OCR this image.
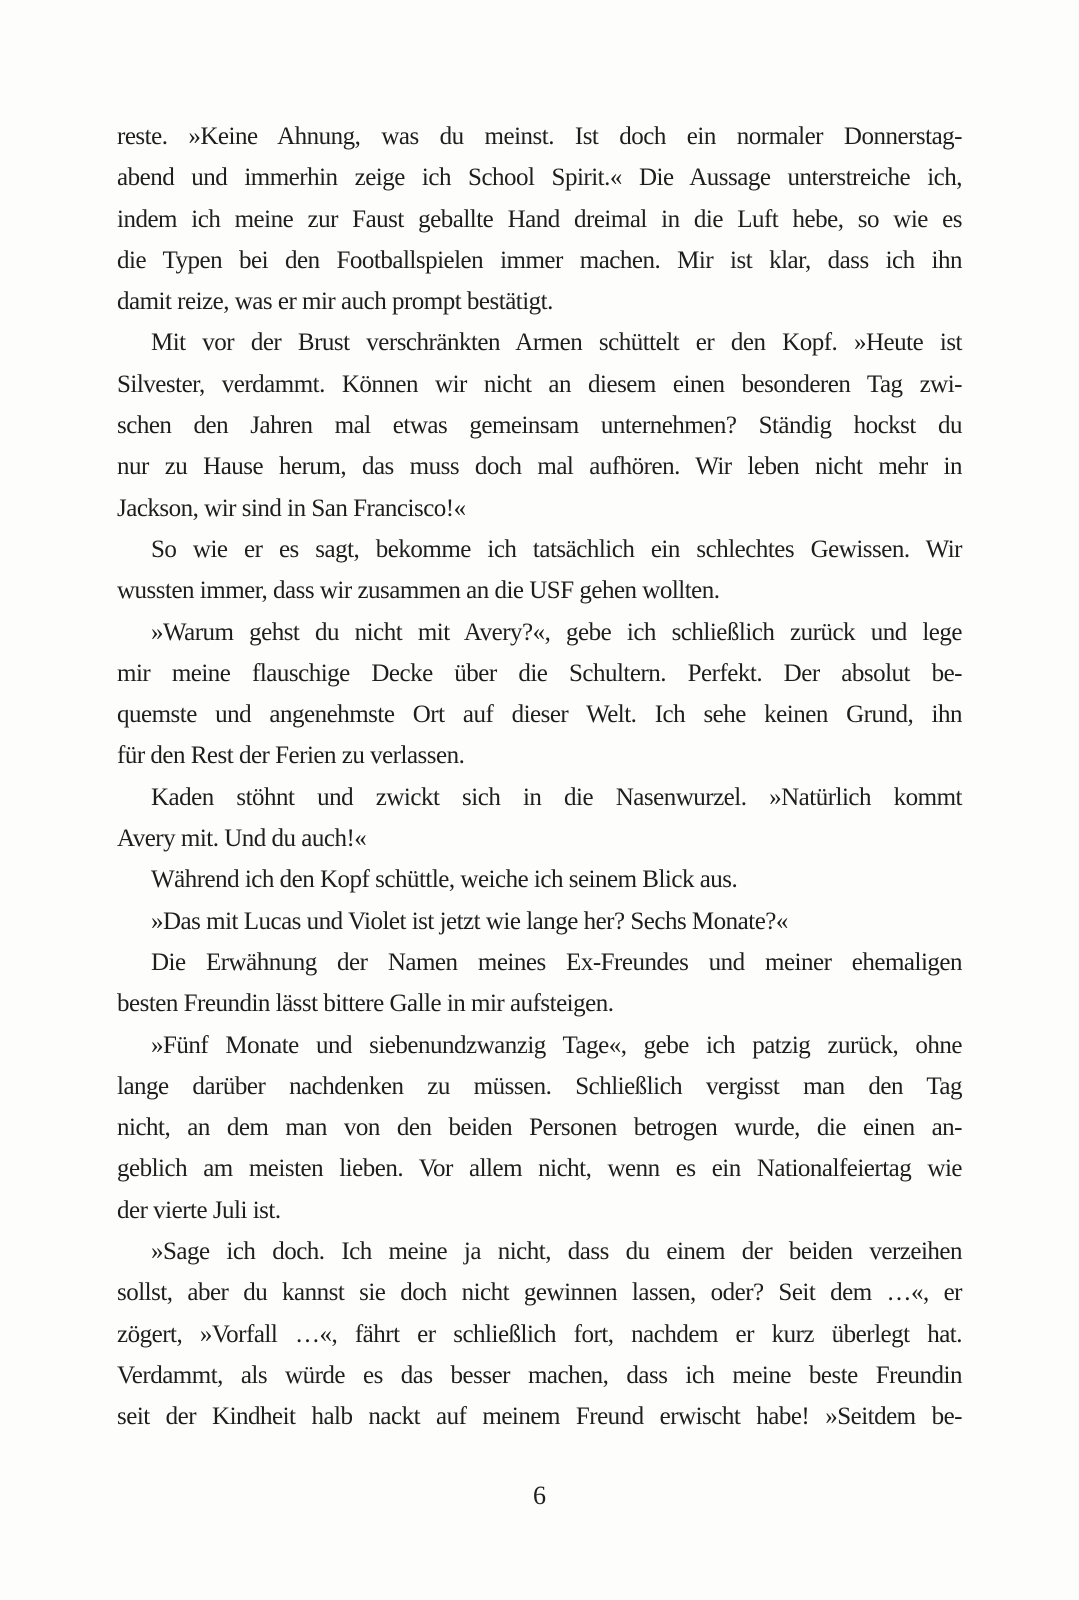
reste. »Keine Ahnung, was du meinst. Ist doch ein normaler Donnerstag-
abend und immerhin zeige ich School Spirit.« Die Aussage unterstreiche ich,
indem ich meine zur Faust geballte Hand dreimal in die Luft hebe, so wie es
die Typen bei den Footballspielen immer machen. Mir ist klar, dass ich ihn
damit reize, was er mir auch prompt bestätigt.
Mit vor der Brust verschränkten Armen schüttelt er den Kopf. »Heute ist
Silvester, verdammt. Können wir nicht an diesem einen besonderen Tag zwi-
schen den Jahren mal etwas gemeinsam unternehmen? Ständig hockst du
nur zu Hause herum, das muss doch mal aufhören. Wir leben nicht mehr in
Jackson, wir sind in San Francisco!«
So wie er es sagt, bekomme ich tatsächlich ein schlechtes Gewissen. Wir
wussten immer, dass wir zusammen an die USF gehen wollten.
»Warum gehst du nicht mit Avery?«, gebe ich schließlich zurück und lege
mir meine flauschige Decke über die Schultern. Perfekt. Der absolut be-
quemste und angenehmste Ort auf dieser Welt. Ich sehe keinen Grund, ihn
für den Rest der Ferien zu verlassen.
Kaden stöhnt und zwickt sich in die Nasenwurzel. »Natürlich kommt
Avery mit. Und du auch!«
Während ich den Kopf schüttle, weiche ich seinem Blick aus.
»Das mit Lucas und Violet ist jetzt wie lange her? Sechs Monate?«
Die Erwähnung der Namen meines Ex-Freundes und meiner ehemaligen
besten Freundin lässt bittere Galle in mir aufsteigen.
»Fünf Monate und siebenundzwanzig Tage«, gebe ich patzig zurück, ohne
lange darüber nachdenken zu müssen. Schließlich vergisst man den Tag
nicht, an dem man von den beiden Personen betrogen wurde, die einen an-
geblich am meisten lieben. Vor allem nicht, wenn es ein Nationalfeiertag wie
der vierte Juli ist.
»Sage ich doch. Ich meine ja nicht, dass du einem der beiden verzeihen
sollst, aber du kannst sie doch nicht gewinnen lassen, oder? Seit dem …«, er
zögert, »Vorfall …«, fährt er schließlich fort, nachdem er kurz überlegt hat.
Verdammt, als würde es das besser machen, dass ich meine beste Freundin
seit der Kindheit halb nackt auf meinem Freund erwischt habe! »Seitdem be-
6
